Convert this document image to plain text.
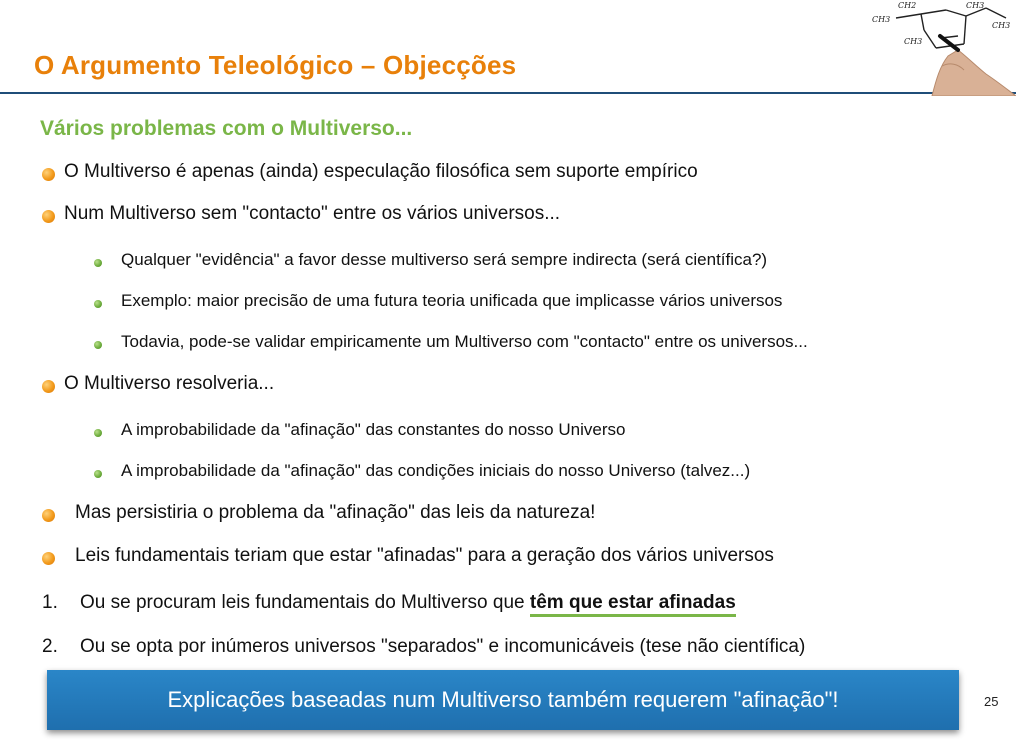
O Argumento Teleológico – Objecções
CH2
CH3
CH3
CH3
CH3
Vários problemas com o Multiverso...
O Multiverso é apenas (ainda) especulação filosófica sem suporte empírico
Num Multiverso sem "contacto" entre os vários universos...
Qualquer "evidência" a favor desse multiverso será sempre indirecta (será científica?)
Exemplo: maior precisão de uma futura teoria unificada que implicasse vários universos
Todavia, pode-se validar empiricamente um Multiverso com "contacto" entre os universos...
O Multiverso resolveria...
A improbabilidade da "afinação" das constantes do nosso Universo
A improbabilidade da "afinação" das condições iniciais do nosso Universo (talvez...)
Mas persistiria o problema da "afinação" das leis da natureza!
Leis fundamentais teriam que estar "afinadas" para a geração dos vários universos
1. Ou se procuram leis fundamentais do Multiverso que têm que estar afinadas
2. Ou se opta por inúmeros universos "separados" e incomunicáveis (tese não científica)
Explicações baseadas num Multiverso também requerem "afinação"!	25
